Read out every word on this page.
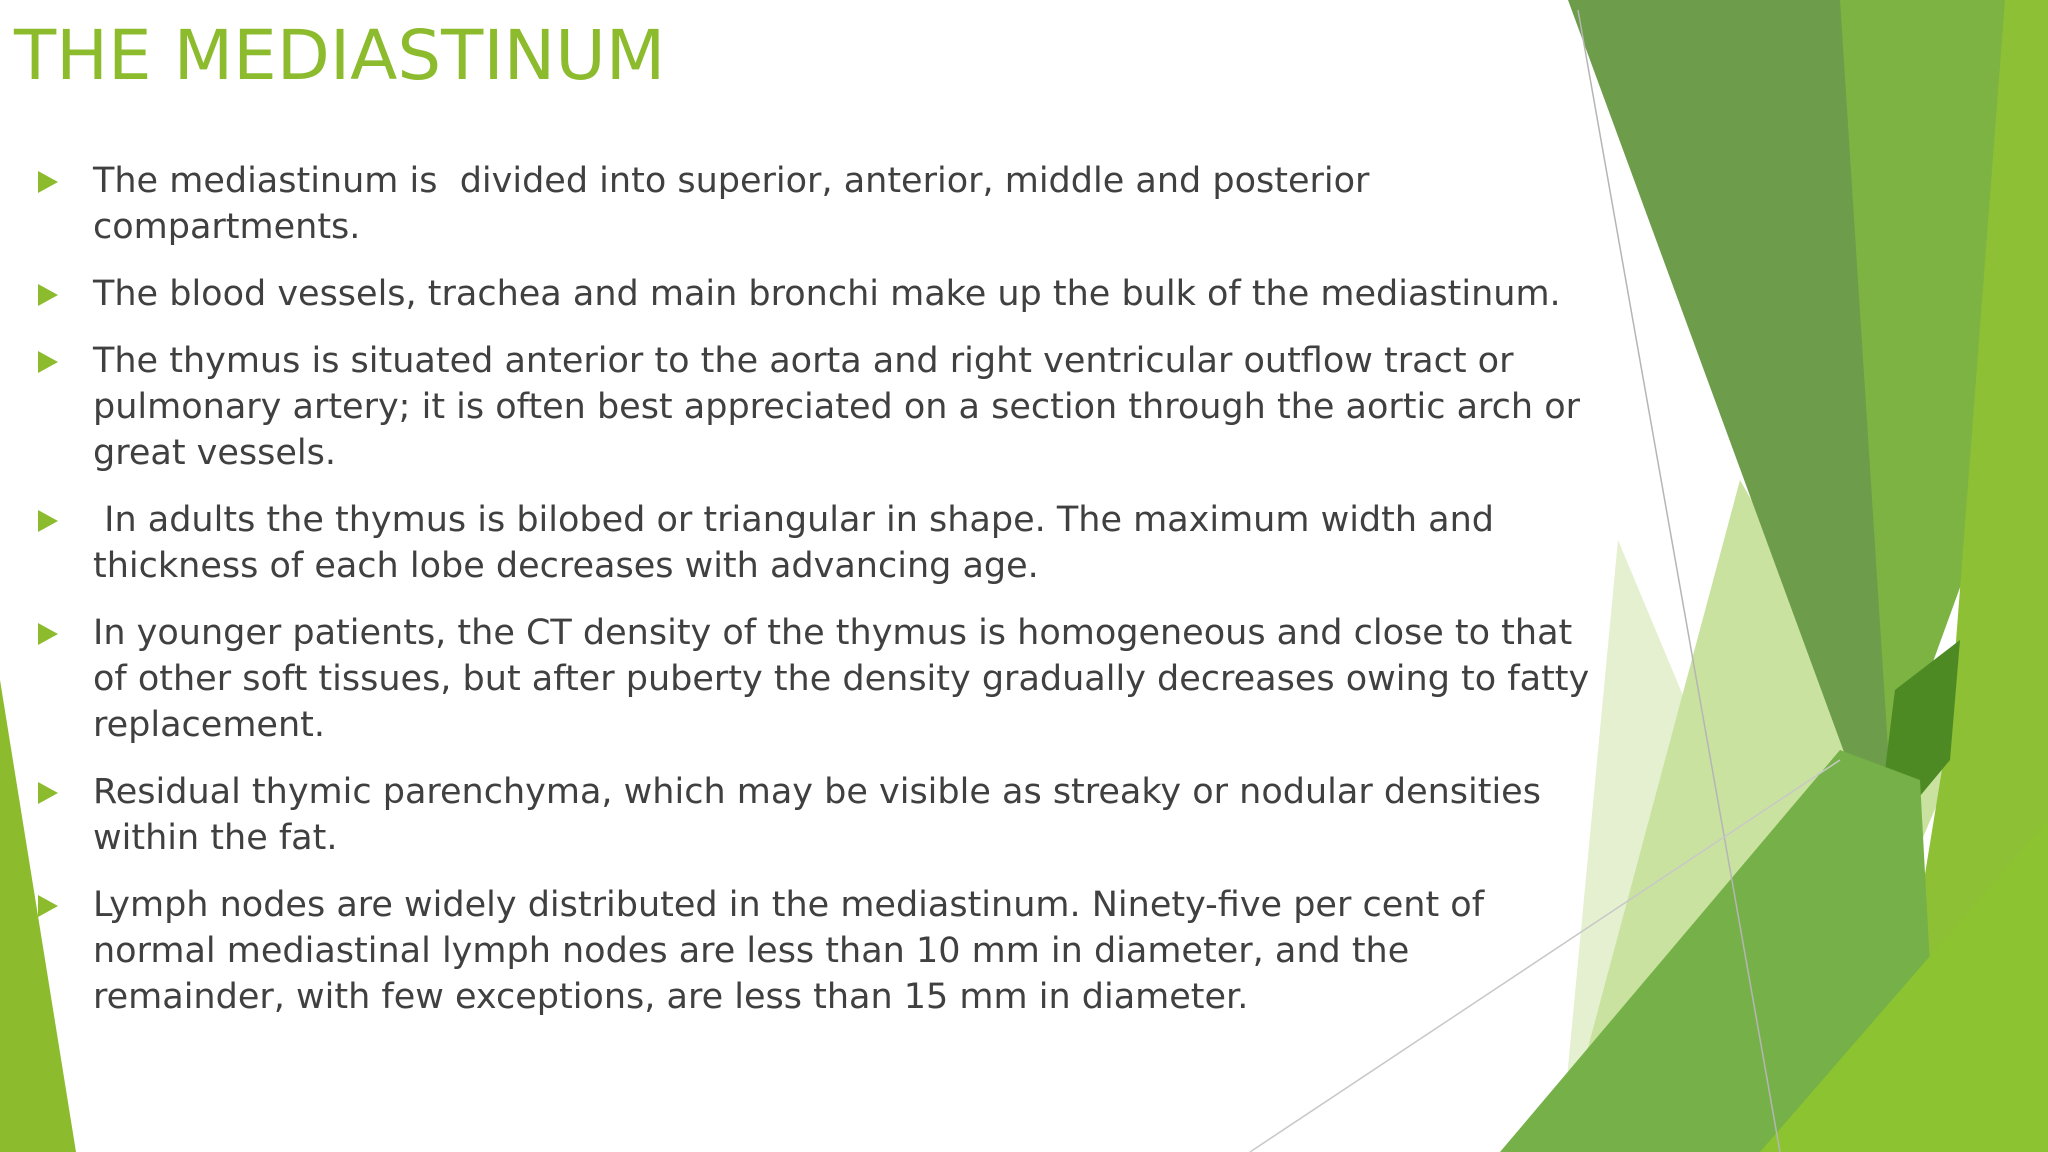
THE MEDIASTINUM
The mediastinum is  divided into superior, anterior, middle and posterior compartments.
The blood vessels, trachea and main bronchi make up the bulk of the mediastinum.
The thymus is situated anterior to the aorta and right ventricular outflow tract or pulmonary artery; it is often best appreciated on a section through the aortic arch or great vessels.
In adults the thymus is bilobed or triangular in shape. The maximum width and thickness of each lobe decreases with advancing age.
In younger patients, the CT density of the thymus is homogeneous and close to that of other soft tissues, but after puberty the density gradually decreases owing to fatty replacement.
Residual thymic parenchyma, which may be visible as streaky or nodular densities within the fat.
Lymph nodes are widely distributed in the mediastinum. Ninety-five per cent of normal mediastinal lymph nodes are less than 10 mm in diameter, and the remainder, with few exceptions, are less than 15 mm in diameter.
